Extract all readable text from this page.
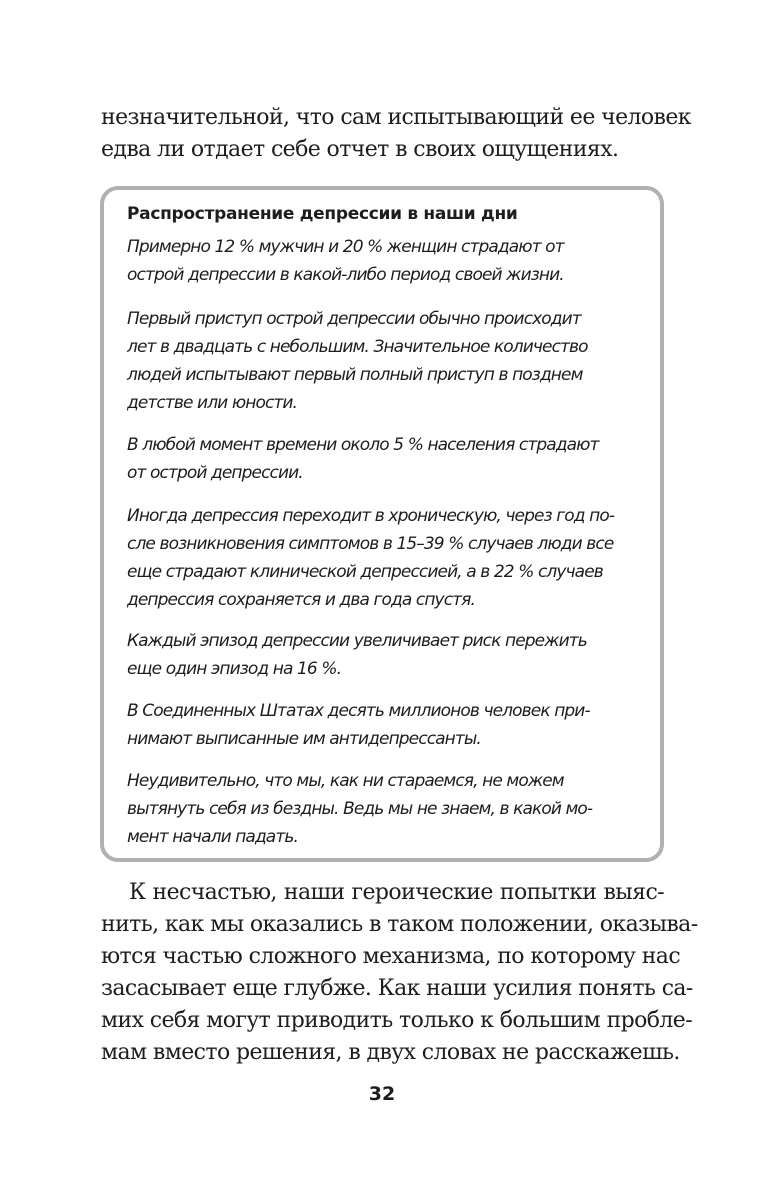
незначительной, что сам испытывающий ее человек
едва ли отдает себе отчет в своих ощущениях.
Распространение депрессии в наши дни
Примерно 12 % мужчин и 20 % женщин страдают от
острой депрессии в какой-либо период своей жизни.
Первый приступ острой депрессии обычно происходит
лет в двадцать с небольшим. Значительное количество
людей испытывают первый полный приступ в позднем
детстве или юности.
В любой момент времени около 5 % населения страдают
от острой депрессии.
Иногда депрессия переходит в хроническую, через год по-
сле возникновения симптомов в 15–39 % случаев люди все
еще страдают клинической депрессией, а в 22 % случаев
депрессия сохраняется и два года спустя.
Каждый эпизод депрессии увеличивает риск пережить
еще один эпизод на 16 %.
В Соединенных Штатах десять миллионов человек при-
нимают выписанные им антидепрессанты.
Неудивительно, что мы, как ни стараемся, не можем
вытянуть себя из бездны. Ведь мы не знаем, в какой мо-
мент начали падать.
К несчастью, наши героические попытки выяс-
нить, как мы оказались в таком положении, оказыва-
ются частью сложного механизма, по которому нас
засасывает еще глубже. Как наши усилия понять са-
мих себя могут приводить только к большим пробле-
мам вместо решения, в двух словах не расскажешь.
32
